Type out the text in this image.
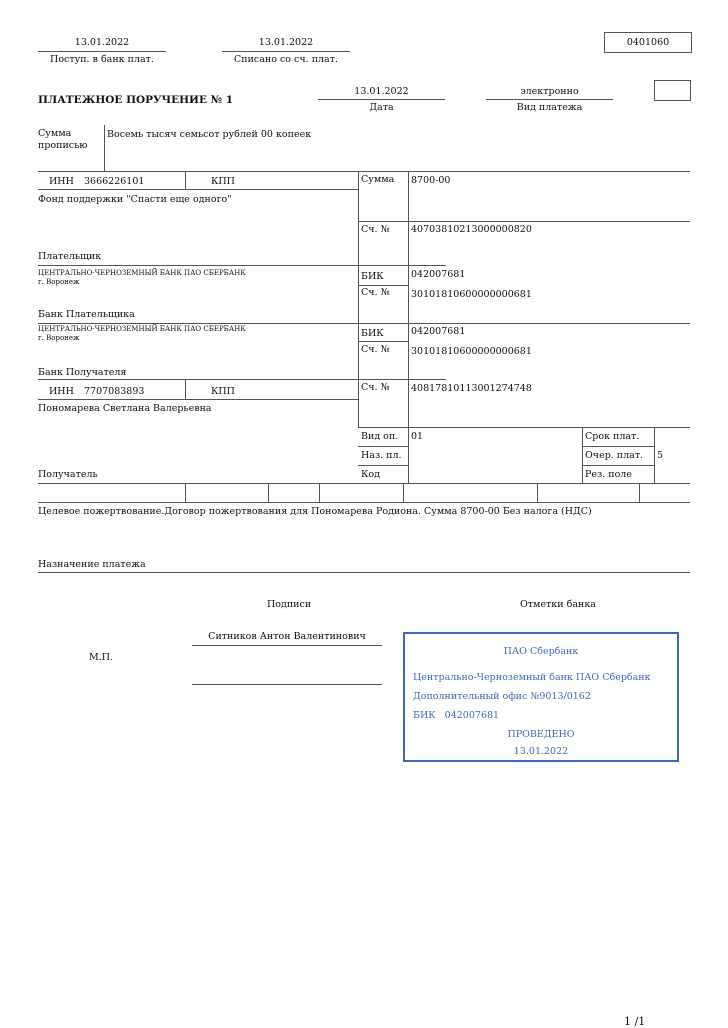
13.01.2022
Поступ. в банк плат.
13.01.2022
Списано со сч. плат.
0401060
ПЛАТЕЖНОЕ ПОРУЧЕНИЕ № 1
13.01.2022
Дата
электронно
Вид платежа
Сумма
прописью
Восемь тысяч семьсот рублей 00 копеек
ИНН 3666226101	КПП
Фонд поддержки "Спасти еще одного"
Сумма 8700-00
Сч. № 40703810213000000820
Плательщик
ЦЕНТРАЛЬНО-ЧЕРНОЗЕМНЫЙ БАНК ПАО СБЕРБАНК
г. Воронеж	БИК	042007681
Сч. № 30101810600000000681
Банк Плательщика
ЦЕНТРАЛЬНО-ЧЕРНОЗЕМНЫЙ БАНК ПАО СБЕРБАНК
г. Воронеж	БИК	042007681
Сч. № 30101810600000000681
Банк Получателя
ИНН 7707083893	КПП	Сч. № 40817810113001274748
Пономарева Светлана Валерьевна
Вид оп. 01	Срок плат.
Наз. пл.	Очер. плат. 5
Код	Рез. поле
Получатель
Целевое пожертвование.Договор пожертвования для Пономарева Родиона. Сумма 8700-00 Без налога (НДС)
Назначение платежа
Подписи	Отметки банка
Ситников Антон Валентинович
М.П.
ПАО Сбербанк
Центрально-Черноземный банк ПАО Сбербанк
Дополнительный офис №9013/0162
БИК   042007681
ПРОВЕДЕНО
13.01.2022
1 /1
